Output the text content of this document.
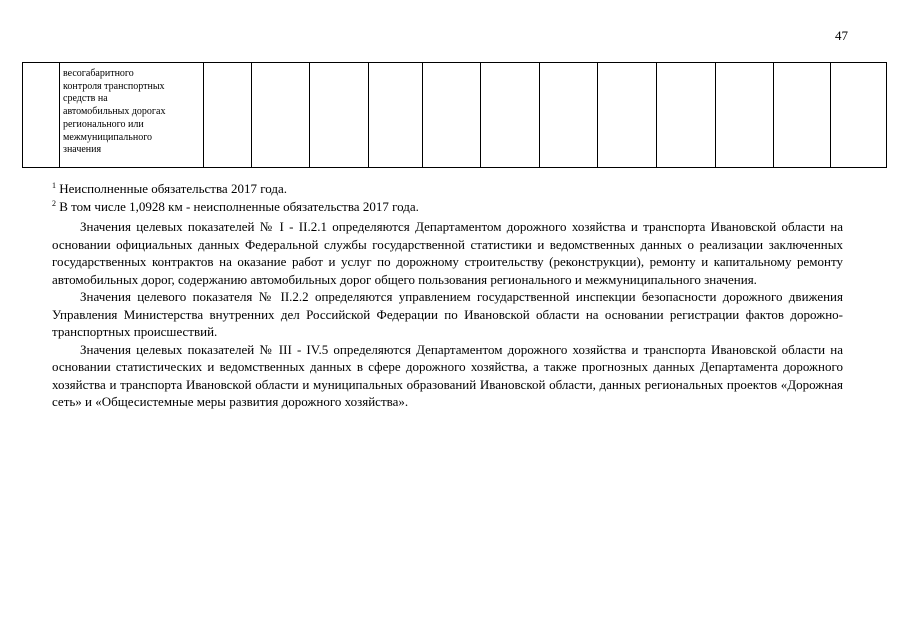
47

весогабаритного
контроля транспортных
средств на
автомобильных дорогах
регионального или
межмуниципального
значения

$^1$ Неисполненные обязательства 2017 года.
$^2$ В том числе 1,0928 км - неисполненные обязательства 2017 года.

Значения целевых показателей № I - II.2.1 определяются Департаментом дорожного хозяйства и транспорта Ивановской области на основании официальных данных Федеральной службы государственной статистики и ведомственных данных о реализации заключенных государственных контрактов на оказание работ и услуг по дорожному строительству (реконструкции), ремонту и капитальному ремонту автомобильных дорог, содержанию автомобильных дорог общего пользования регионального и межмуниципального значения.

Значения целевого показателя № II.2.2 определяются управлением государственной инспекции безопасности дорожного движения Управления Министерства внутренних дел Российской Федерации по Ивановской области на основании регистрации фактов дорожно-транспортных происшествий.

Значения целевых показателей № III - IV.5 определяются Департаментом дорожного хозяйства и транспорта Ивановской области на основании статистических и ведомственных данных в сфере дорожного хозяйства, а также прогнозных данных Департамента дорожного хозяйства и транспорта Ивановской области и муниципальных образований Ивановской области, данных региональных проектов «Дорожная сеть» и «Общесистемные меры развития дорожного хозяйства».
